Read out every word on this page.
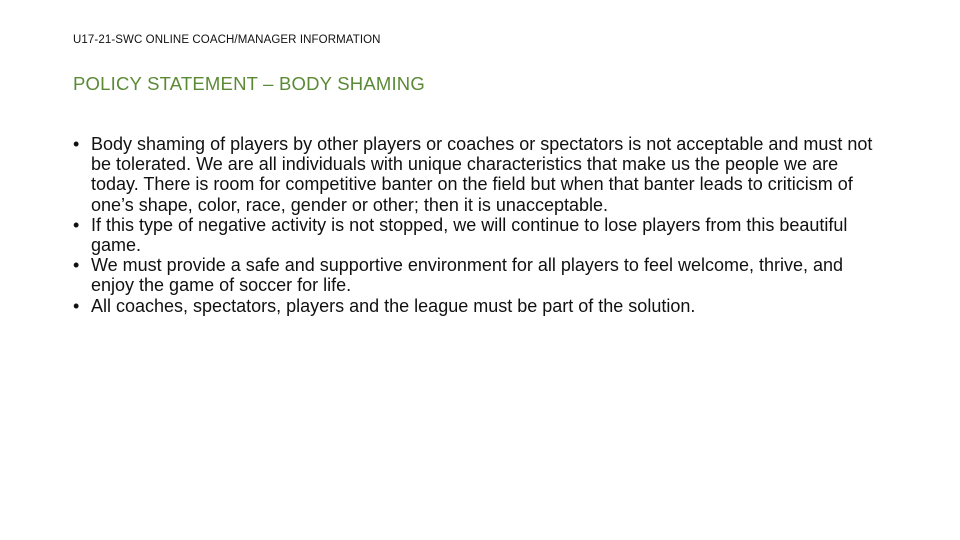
U17-21-SWC ONLINE COACH/MANAGER INFORMATION
POLICY STATEMENT – BODY SHAMING
• Body shaming of players by other players or coaches or spectators is not acceptable and must not be tolerated. We are all individuals with unique characteristics that make us the people we are today. There is room for competitive banter on the field but when that banter leads to criticism of one’s shape, color, race, gender or other; then it is unacceptable.
• If this type of negative activity is not stopped, we will continue to lose players from this beautiful game.
• We must provide a safe and supportive environment for all players to feel welcome, thrive, and enjoy the game of soccer for life.
• All coaches, spectators, players and the league must be part of the solution.
